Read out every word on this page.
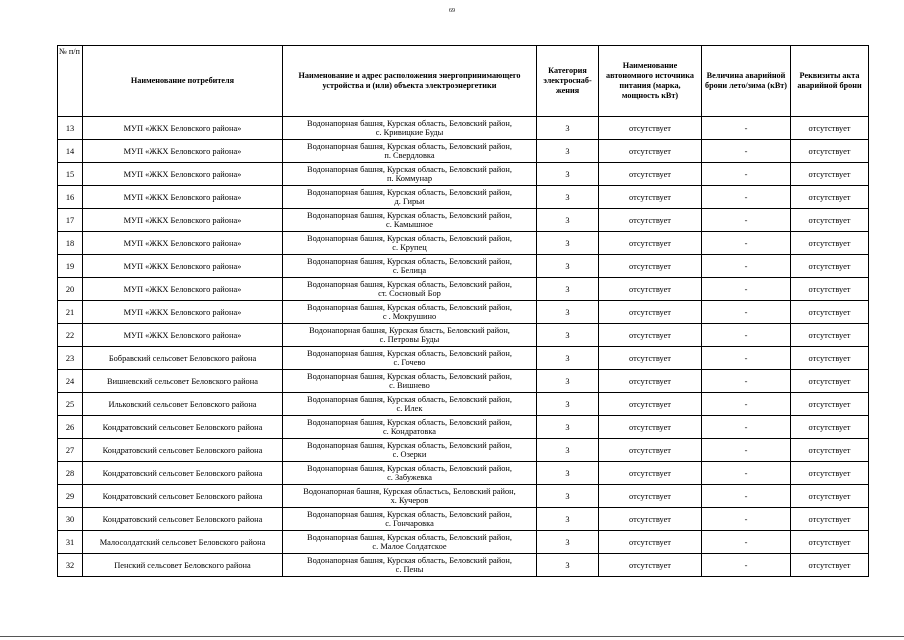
69
№ п/п	Наименование потребителя	Наименование и адрес расположения энергопринимающего устройства и (или) объекта электроэнергетики	Категория электроснаб-жения	Наименование автономного источника питания (марка, мощность кВт)	Величина аварийной брони лето/зима (кВт)	Реквизиты акта аварийной брони
13	МУП «ЖКХ Беловского района»	Водонапорная башня, Курская область, Беловский район,
с. Кривицкие Буды	3	отсутствует	-	отсутствует
14	МУП «ЖКХ Беловского района»	Водонапорная башня, Курская область, Беловский район,
п. Свердловка	3	отсутствует	-	отсутствует
15	МУП «ЖКХ Беловского района»	Водонапорная башня, Курская область, Беловский район,
п. Коммунар	3	отсутствует	-	отсутствует
16	МУП «ЖКХ Беловского района»	Водонапорная башня, Курская область, Беловский район,
д. Гирьи	3	отсутствует	-	отсутствует
17	МУП «ЖКХ Беловского района»	Водонапорная башня, Курская область, Беловский район,
с. Камышное	3	отсутствует	-	отсутствует
18	МУП «ЖКХ Беловского района»	Водонапорная башня, Курская область, Беловский район,
с. Крупец	3	отсутствует	-	отсутствует
19	МУП «ЖКХ Беловского района»	Водонапорная башня, Курская область, Беловский район,
с. Белица	3	отсутствует	-	отсутствует
20	МУП «ЖКХ Беловского района»	Водонапорная башня, Курская область, Беловский район,
ст. Сосновый Бор	3	отсутствует	-	отсутствует
21	МУП «ЖКХ Беловского района»	Водонапорная башня, Курская область, Беловский район,
с . Мокрушино	3	отсутствует	-	отсутствует
22	МУП «ЖКХ Беловского района»	Водонапорная башня, Курская бласть, Беловский район,
с. Петровы Буды	3	отсутствует	-	отсутствует
23	Бобравский сельсовет Беловского района	Водонапорная башня, Курская область, Беловский район,
с. Гочево	3	отсутствует	-	отсутствует
24	Вишневский сельсовет Беловского района	Водонапорная башня, Курская область, Беловский район,
с. Вишнево	3	отсутствует	-	отсутствует
25	Ильковский сельсовет Беловского района	Водонапорная башня, Курская область, Беловский район,
с. Илек	3	отсутствует	-	отсутствует
26	Кондратовский сельсовет Беловского района	Водонапорная башня, Курская область, Беловский район,
с. Кондратовка	3	отсутствует	-	отсутствует
27	Кондратовский сельсовет Беловского района	Водонапорная башня, Курская область, Беловский район,
с. Озерки	3	отсутствует	-	отсутствует
28	Кондратовский сельсовет Беловского района	Водонапорная башня, Курская область, Беловский район,
с. Забужевка	3	отсутствует	-	отсутствует
29	Кондратовский сельсовет Беловского района	Водонапорная башня, Курская областьсь, Беловский район,
х. Кучеров	3	отсутствует	-	отсутствует
30	Кондратовский сельсовет Беловского района	Водонапорная башня, Курская область, Беловский район,
с. Гончаровка	3	отсутствует	-	отсутствует
31	Малосолдатский сельсовет Беловского района	Водонапорная башня, Курская область, Беловский район,
с. Малое Солдатское	3	отсутствует	-	отсутствует
32	Пенский сельсовет Беловского района	Водонапорная башня, Курская область, Беловский район,
с. Пены	3	отсутствует	-	отсутствует
